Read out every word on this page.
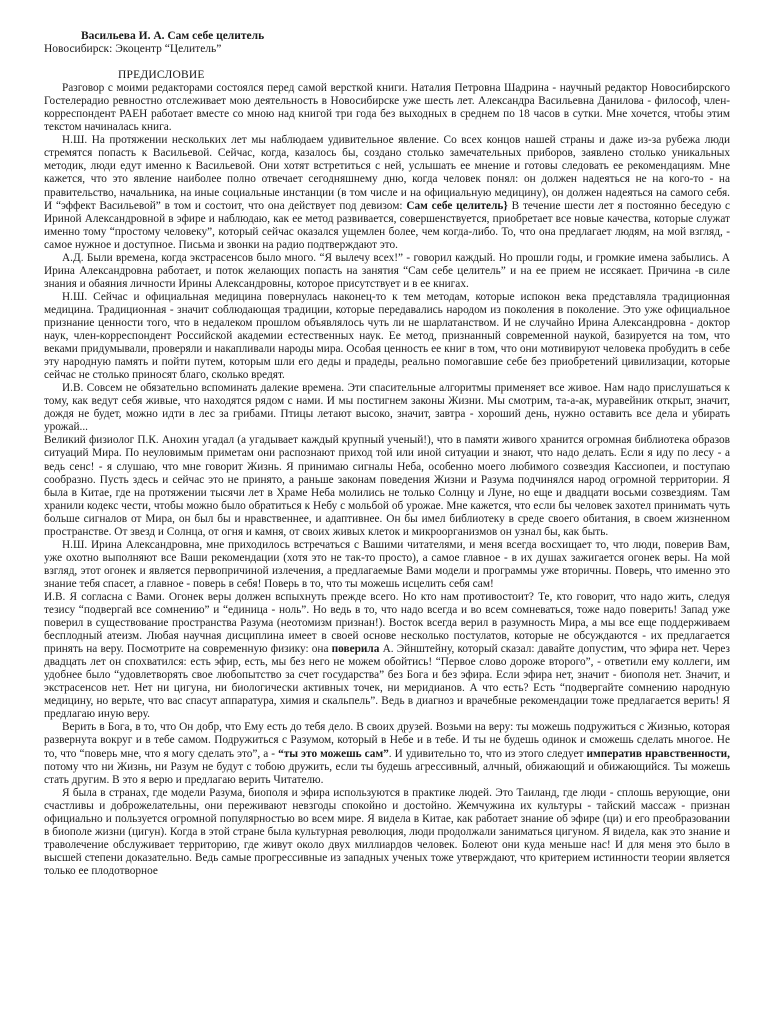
Васильева И. А. Сам себе целитель

Новосибирск: Экоцентр “Целитель”

ПРЕДИСЛОВИЕ

Разговор с моими редакторами состоялся перед самой версткой книги. Наталия Петровна Шадрина - научный редактор Новосибирского Гостелерадио ревностно отслеживает мою деятельность в Новосибирске уже шесть лет. Александра Васильевна Данилова - философ, член-корреспондент РАЕН работает вместе со мною над книгой три года без выходных в среднем по 18 часов в сутки. Мне хочется, чтобы этим текстом начиналась книга.

Н.Ш. На протяжении нескольких лет мы наблюдаем удивительное явление. Со всех концов нашей страны и даже из-за рубежа люди стремятся попасть к Васильевой. Сейчас, когда, казалось бы, создано столько замечательных приборов, заявлено столько уникальных методик, люди едут именно к Васильевой. Они хотят встретиться с ней, услышать ее мнение и готовы следовать ее рекомендациям. Мне кажется, что это явление наиболее полно отвечает сегодняшнему дню, когда человек понял: он должен надеяться не на кого-то - на правительство, начальника, на иные социальные инстанции (в том числе и на официальную медицину), он должен надеяться на самого себя. И “эффект Васильевой” в том и состоит, что она действует под девизом: Сам себе целитель} В течение шести лет я постоянно беседую с Ириной Александровной в эфире и наблюдаю, как ее метод развивается, совершенствуется, приобретает все новые качества, которые служат именно тому “простому человеку”, который сейчас оказался ущемлен более, чем когда-либо. То, что она предлагает людям, на мой взгляд, - самое нужное и доступное. Письма и звонки на радио подтверждают это.

А.Д. Были времена, когда экстрасенсов было много. “Я вылечу всех!” - говорил каждый. Но прошли годы, и громкие имена забылись. А Ирина Александровна работает, и поток желающих попасть на занятия “Сам себе целитель” и на ее прием не иссякает. Причина -в силе знания и обаяния личности Ирины Александровны, которое присутствует и в ее книгах.

Н.Ш. Сейчас и официальная медицина повернулась наконец-то к тем методам, которые испокон века представляла традиционная медицина. Традиционная - значит соблюдающая традиции, которые передавались народом из поколения в поколение. Это уже официальное признание ценности того, что в недалеком прошлом объявлялось чуть ли не шарлатанством. И не случайно Ирина Александровна - доктор наук, член-корреспондент Российской академии естественных наук. Ее метод, признанный современной наукой, базируется на том, что веками придумывали, проверяли и накапливали народы мира. Особая ценность ее книг в том, что они мотивируют человека пробудить в себе эту народную память и пойти путем, которым шли его деды и прадеды, реально помогавшие себе без приобретений цивилизации, которые сейчас не столько приносят благо, сколько вредят.

И.В. Совсем не обязательно вспоминать далекие времена. Эти спасительные алгоритмы применяет все живое. Нам надо прислушаться к тому, как ведут себя живые, что находятся рядом с нами. И мы постигнем законы Жизни. Мы смотрим, та-а-ак, муравейник открыт, значит, дождя не будет, можно идти в лес за грибами. Птицы летают высоко, значит, завтра - хороший день, нужно оставить все дела и убирать урожай...

Великий физиолог П.К. Анохин угадал (а угадывает каждый крупный ученый!), что в памяти живого хранится огромная библиотека образов ситуаций Мира. По неуловимым приметам они распознают приход той или иной ситуации и знают, что надо делать. Если я иду по лесу - а ведь сенс! - я слушаю, что мне говорит Жизнь. Я принимаю сигналы Неба, особенно моего любимого созвездия Кассиопеи, и поступаю сообразно. Пусть здесь и сейчас это не принято, а раньше законам поведения Жизни и Разума подчинялся народ огромной территории. Я была в Китае, где на протяжении тысячи лет в Храме Неба молились не только Солнцу и Луне, но еще и двадцати восьми созвездиям. Там хранили кодекс чести, чтобы можно было обратиться к Небу с мольбой об урожае. Мне кажется, что если бы человек захотел принимать чуть больше сигналов от Мира, он был бы и нравственнее, и адаптивнее. Он бы имел библиотеку в среде своего обитания, в своем жизненном пространстве. От звезд и Солнца, от огня и камня, от своих живых клеток и микроорганизмов он узнал бы, как быть.

Н.Ш. Ирина Александровна, мне приходилось встречаться с Вашими читателями, и меня всегда восхищает то, что люди, поверив Вам, уже охотно выполняют все Ваши рекомендации (хотя это не так-то просто), а самое главное - в их душах зажигается огонек веры. На мой взгляд, этот огонек и является первопричиной излечения, а предлагаемые Вами модели и программы уже вторичны. Поверь, что именно это знание тебя спасет, а главное - поверь в себя! Поверь в то, что ты можешь исцелить себя сам!

И.В. Я согласна с Вами. Огонек веры должен вспыхнуть прежде всего. Но кто нам противостоит? Те, кто говорит, что надо жить, следуя тезису “подвергай все сомнению” и “единица - ноль”. Но ведь в то, что надо всегда и во всем сомневаться, тоже надо поверить! Запад уже поверил в существование пространства Разума (неотомизм признан!). Восток всегда верил в разумность Мира, а мы все еще поддерживаем бесплодный атеизм. Любая научная дисциплина имеет в своей основе несколько постулатов, которые не обсуждаются - их предлагается принять на веру. Посмотрите на современную физику: она поверила А. Эйнштейну, который сказал: давайте допустим, что эфира нет. Через двадцать лет он спохватился: есть эфир, есть, мы без него не можем обойтись! “Первое слово дороже второго”, - ответили ему коллеги, им удобнее было “удовлетворять свое любопытство за счет государства” без Бога и без эфира. Если эфира нет, значит - биополя нет. Значит, и экстрасенсов нет. Нет ни цигуна, ни биологически активных точек, ни меридианов. А что есть? Есть “подвергайте сомнению народную медицину, но верьте, что вас спасут аппаратура, химия и скальпель”. Ведь в диагноз и врачебные рекомендации тоже предлагается верить! Я предлагаю иную веру.

Верить в Бога, в то, что Он добр, что Ему есть до тебя дело. В своих друзей. Возьми на веру: ты можешь подружиться с Жизнью, которая развернута вокруг и в тебе самом. Подружиться с Разумом, который в Небе и в тебе. И ты не будешь одинок и сможешь сделать многое. Не то, что “поверь мне, что я могу сделать это”, а - “ты это можешь сам”. И удивительно то, что из этого следует императив нравственности, потому что ни Жизнь, ни Разум не будут с тобою дружить, если ты будешь агрессивный, алчный, обижающий и обижающийся. Ты можешь стать другим. В это я верю и предлагаю верить Читателю.

Я была в странах, где модели Разума, биополя и эфира используются в практике людей. Это Таиланд, где люди - сплошь верующие, они счастливы и доброжелательны, они переживают невзгоды спокойно и достойно. Жемчужина их культуры - тайский массаж - признан официально и пользуется огромной популярностью во всем мире. Я видела в Китае, как работает знание об эфире (ци) и его преобразовании в биополе жизни (цигун). Когда в этой стране была культурная революция, люди продолжали заниматься цигуном. Я видела, как это знание и траволечение обслуживает территорию, где живут около двух миллиардов человек. Болеют они куда меньше нас! И для меня это было в высшей степени доказательно. Ведь самые прогрессивные из западных ученых тоже утверждают, что критерием истинности теории является только ее плодотворное
